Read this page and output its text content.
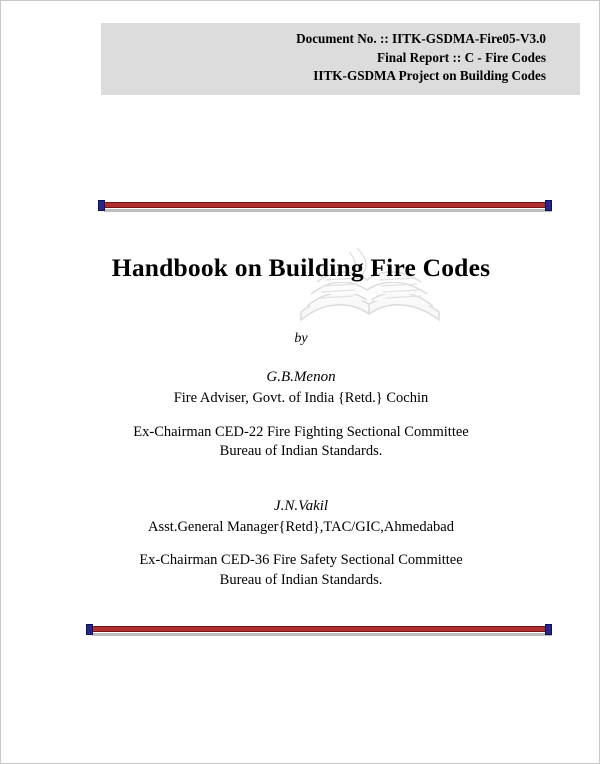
Document No. :: IITK-GSDMA-Fire05-V3.0
Final Report :: C - Fire Codes
IITK-GSDMA Project on Building Codes
Handbook on Building Fire Codes
by
G.B.Menon
Fire Adviser, Govt. of India {Retd.} Cochin
Ex-Chairman CED-22 Fire Fighting Sectional Committee
Bureau of Indian Standards.
J.N.Vakil
Asst.General Manager{Retd},TAC/GIC,Ahmedabad
Ex-Chairman CED-36 Fire Safety Sectional Committee
Bureau of Indian Standards.
